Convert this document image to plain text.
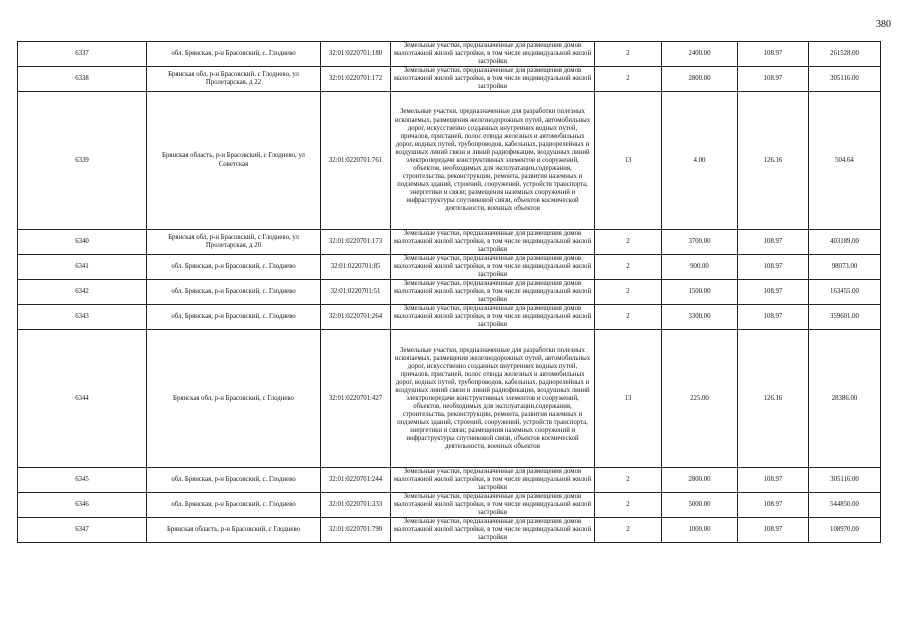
380
6337	обл. Брянская, р-н Брасовский, с. Глоднево	32:01:0220701:180	Земельные участки, предназначенные для размещения домов малоэтажной жилой застройки, в том числе индивидуальной жилой застройки	2	2400.00	108.97	261528.00
6338	Брянская обл, р-н Брасовский, с Глоднево, ул Пролетарская, д 22	32:01:0220701:172	Земельные участки, предназначенные для размещения домов малоэтажной жилой застройки, в том числе индивидуальной жилой застройки	2	2800.00	108.97	305116.00
6339	Брянская область, р-н Брасовский, с Глоднево, ул Советская	32:01:0220701:761	Земельные участки, предназначенные для разработки полезных ископаемых, размещения железнодорожных путей, автомобильных дорог, искусственно созданных внутренних водных путей, причалов, пристаней, полос отвода железных и автомобильных дорог, водных путей, трубопроводов, кабельных, радиорелейных и воздушных линий связи и линий радиофикации, воздушных линий электропередачи конструктивных элементов и сооружений, объектов, необходимых для эксплуатации,содержания, строительства, реконструкции, ремонта, развития наземных и подземных зданий, строений, сооружений, устройств транспорта, энергетики и связи; размещения наземных сооружений и инфраструктуры спутниковой связи, объектов космической деятельности, военных объектов	13	4.00	126.16	504.64
6340	Брянская обл, р-н Брасовский, с Глоднево, ул Пролетарская, д 20	32:01:0220701:173	Земельные участки, предназначенные для размещения домов малоэтажной жилой застройки, в том числе индивидуальной жилой застройки	2	3700.00	108.97	403189.00
6341	обл. Брянская, р-н Брасовский, с. Глоднево	32:01:0220701:85	Земельные участки, предназначенные для размещения домов малоэтажной жилой застройки, в том числе индивидуальной жилой застройки	2	900.00	108.97	98073.00
6342	обл. Брянская, р-н Брасовский, с. Глоднево	32:01:0220701:51	Земельные участки, предназначенные для размещения домов малоэтажной жилой застройки, в том числе индивидуальной жилой застройки	2	1500.00	108.97	163455.00
6343	обл. Брянская, р-н Брасовский, с. Глоднево	32:01:0220701:264	Земельные участки, предназначенные для размещения домов малоэтажной жилой застройки, в том числе индивидуальной жилой застройки	2	3300.00	108.97	359601.00
6344	Брянская обл, р-н Брасовский, с Глоднево	32:01:0220701:427	Земельные участки, предназначенные для разработки полезных ископаемых, размещения железнодорожных путей, автомобильных дорог, искусственно созданных внутренних водных путей, причалов, пристаней, полос отвода железных и автомобильных дорог, водных путей, трубопроводов, кабельных, радиорелейных и воздушных линий связи и линий радиофикации, воздушных линий электропередачи конструктивных элементов и сооружений, объектов, необходимых для эксплуатации,содержания, строительства, реконструкции, ремонта, развития наземных и подземных зданий, строений, сооружений, устройств транспорта, энергетики и связи; размещения наземных сооружений и инфраструктуры спутниковой связи, объектов космической деятельности, военных объектов	13	225.00	126.16	28386.00
6345	обл. Брянская, р-н Брасовский, с. Глоднево	32:01:0220701:244	Земельные участки, предназначенные для размещения домов малоэтажной жилой застройки, в том числе индивидуальной жилой застройки	2	2800.00	108.97	305116.00
6346	обл. Брянская, р-н Брасовский, с. Глоднево	32:01:0220701:333	Земельные участки, предназначенные для размещения домов малоэтажной жилой застройки, в том числе индивидуальной жилой застройки	2	5000.00	108.97	544850.00
6347	Брянская область, р-н Брасовский, с Глоднево	32:01:0220701:790	Земельные участки, предназначенные для размещения домов малоэтажной жилой застройки, в том числе индивидуальной жилой застройки	2	1000.00	108.97	108970.00
